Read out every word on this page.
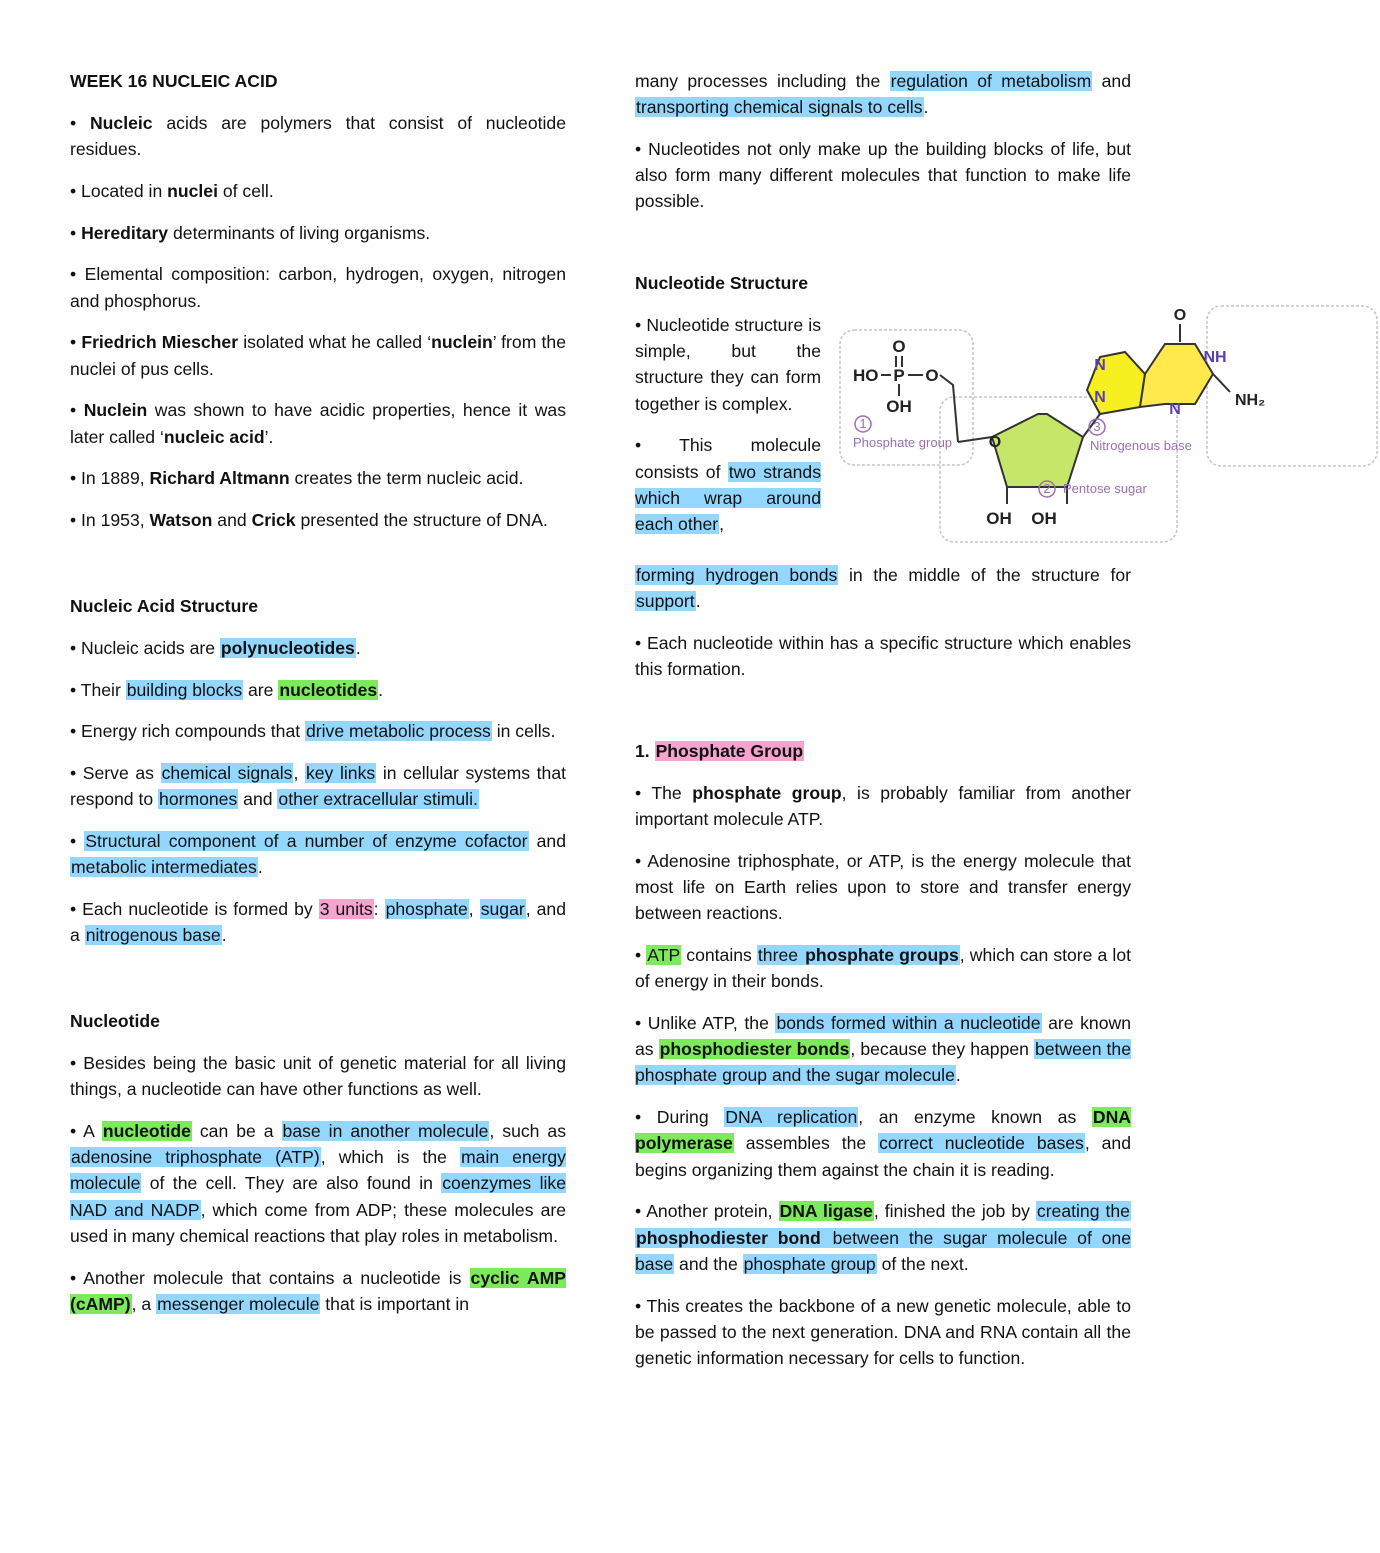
WEEK 16 NUCLEIC ACID
• Nucleic acids are polymers that consist of nucleotide residues.
• Located in nuclei of cell.
• Hereditary determinants of living organisms.
• Elemental composition: carbon, hydrogen, oxygen, nitrogen and phosphorus.
• Friedrich Miescher isolated what he called ‘nuclein’ from the nuclei of pus cells.
• Nuclein was shown to have acidic properties, hence it was later called ‘nucleic acid’.
• In 1889, Richard Altmann creates the term nucleic acid.
• In 1953, Watson and Crick presented the structure of DNA.
Nucleic Acid Structure
• Nucleic acids are polynucleotides.
• Their building blocks are nucleotides.
• Energy rich compounds that drive metabolic process in cells.
• Serve as chemical signals, key links in cellular systems that respond to hormones and other extracellular stimuli.
• Structural component of a number of enzyme cofactor and metabolic intermediates.
• Each nucleotide is formed by 3 units: phosphate, sugar, and a nitrogenous base.
Nucleotide
• Besides being the basic unit of genetic material for all living things, a nucleotide can have other functions as well.
• A nucleotide can be a base in another molecule, such as adenosine triphosphate (ATP), which is the main energy molecule of the cell. They are also found in coenzymes like NAD and NADP, which come from ADP; these molecules are used in many chemical reactions that play roles in metabolism.
• Another molecule that contains a nucleotide is cyclic AMP (cAMP), a messenger molecule that is important in
many processes including the regulation of metabolism and transporting chemical signals to cells.
• Nucleotides not only make up the building blocks of life, but also form many different molecules that function to make life possible.
Nucleotide Structure
• Nucleotide structure is simple, but the structure they can form together is complex.
• This molecule consists of two strands which wrap around each other,
O
HO P O
OH
O
OH OH
O
N
N
N
NH
NH₂
1
Phosphate group
2 Pentose sugar
3
Nitrogenous base
forming hydrogen bonds in the middle of the structure for support.
• Each nucleotide within has a specific structure which enables this formation.
1. Phosphate Group
• The phosphate group, is probably familiar from another important molecule ATP.
• Adenosine triphosphate, or ATP, is the energy molecule that most life on Earth relies upon to store and transfer energy between reactions.
• ATP contains three phosphate groups, which can store a lot of energy in their bonds.
• Unlike ATP, the bonds formed within a nucleotide are known as phosphodiester bonds, because they happen between the phosphate group and the sugar molecule.
• During DNA replication, an enzyme known as DNA polymerase assembles the correct nucleotide bases, and begins organizing them against the chain it is reading.
• Another protein, DNA ligase, finished the job by creating the phosphodiester bond between the sugar molecule of one base and the phosphate group of the next.
• This creates the backbone of a new genetic molecule, able to be passed to the next generation. DNA and RNA contain all the genetic information necessary for cells to function.
